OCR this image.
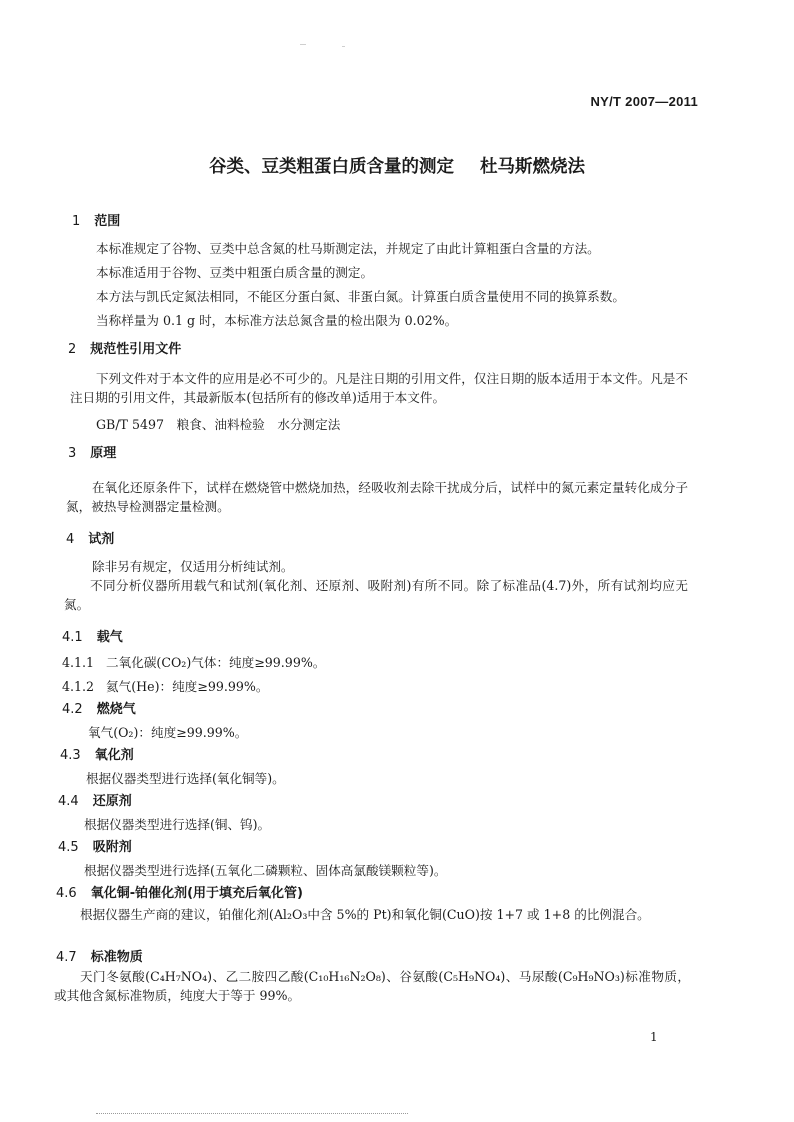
NY/T 2007—2011
谷类、豆类粗蛋白质含量的测定 杜马斯燃烧法
1 范围
本标准规定了谷物、豆类中总含氮的杜马斯测定法，并规定了由此计算粗蛋白含量的方法。
本标准适用于谷物、豆类中粗蛋白质含量的测定。
本方法与凯氏定氮法相同，不能区分蛋白氮、非蛋白氮。计算蛋白质含量使用不同的换算系数。
当称样量为 0.1 g 时，本标准方法总氮含量的检出限为 0.02%。
2 规范性引用文件
下列文件对于本文件的应用是必不可少的。凡是注日期的引用文件，仅注日期的版本适用于本文件。凡是不注日期的引用文件，其最新版本(包括所有的修改单)适用于本文件。
GB/T 5497　粮食、油料检验　水分测定法
3 原理
在氧化还原条件下，试样在燃烧管中燃烧加热，经吸收剂去除干扰成分后，试样中的氮元素定量转化成分子氮，被热导检测器定量检测。
4 试剂
除非另有规定，仅适用分析纯试剂。
不同分析仪器所用载气和试剂(氧化剂、还原剂、吸附剂)有所不同。除了标准品(4.7)外，所有试剂均应无氮。
4.1 载气
4.1.1 二氧化碳(CO₂)气体：纯度≥99.99%。
4.1.2 氦气(He)：纯度≥99.99%。
4.2 燃烧气
氧气(O₂)：纯度≥99.99%。
4.3 氧化剂
根据仪器类型进行选择(氧化铜等)。
4.4 还原剂
根据仪器类型进行选择(铜、钨)。
4.5 吸附剂
根据仪器类型进行选择(五氧化二磷颗粒、固体高氯酸镁颗粒等)。
4.6 氧化铜-铂催化剂(用于填充后氧化管)
根据仪器生产商的建议，铂催化剂(Al₂O₃中含 5%的 Pt)和氧化铜(CuO)按 1+7 或 1+8 的比例混合。
4.7 标准物质
天门冬氨酸(C₄H₇NO₄)、乙二胺四乙酸(C₁₀H₁₆N₂O₈)、谷氨酸(C₅H₉NO₄)、马尿酸(C₉H₉NO₃)标准物质，或其他含氮标准物质，纯度大于等于 99%。
1
